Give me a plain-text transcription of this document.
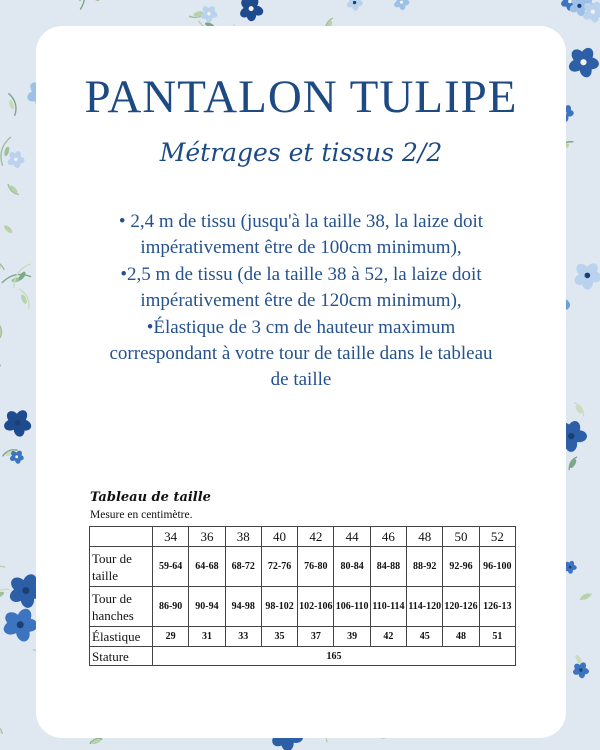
PANTALON TULIPE
Métrages et tissus 2/2

• 2,4 m de tissu (jusqu'à la taille 38, la laize doit impérativement être de 100cm minimum),

•2,5 m de tissu (de la taille 38 à 52, la laize doit impérativement être de 120cm minimum),

•Élastique de 3 cm de hauteur maximum correspondant à votre tour de taille dans le tableau de taille

Tableau de taille
Mesure en centimètre.
	34	36	38	40	42	44	46	48	50	52
Tour de taille	59-64	64-68	68-72	72-76	76-80	80-84	84-88	88-92	92-96	96-100
Tour de hanches	86-90	90-94	94-98	98-102	102-106	106-110	110-114	114-120	120-126	126-13
Élastique	29	31	33	35	37	39	42	45	48	51
Stature	165									
